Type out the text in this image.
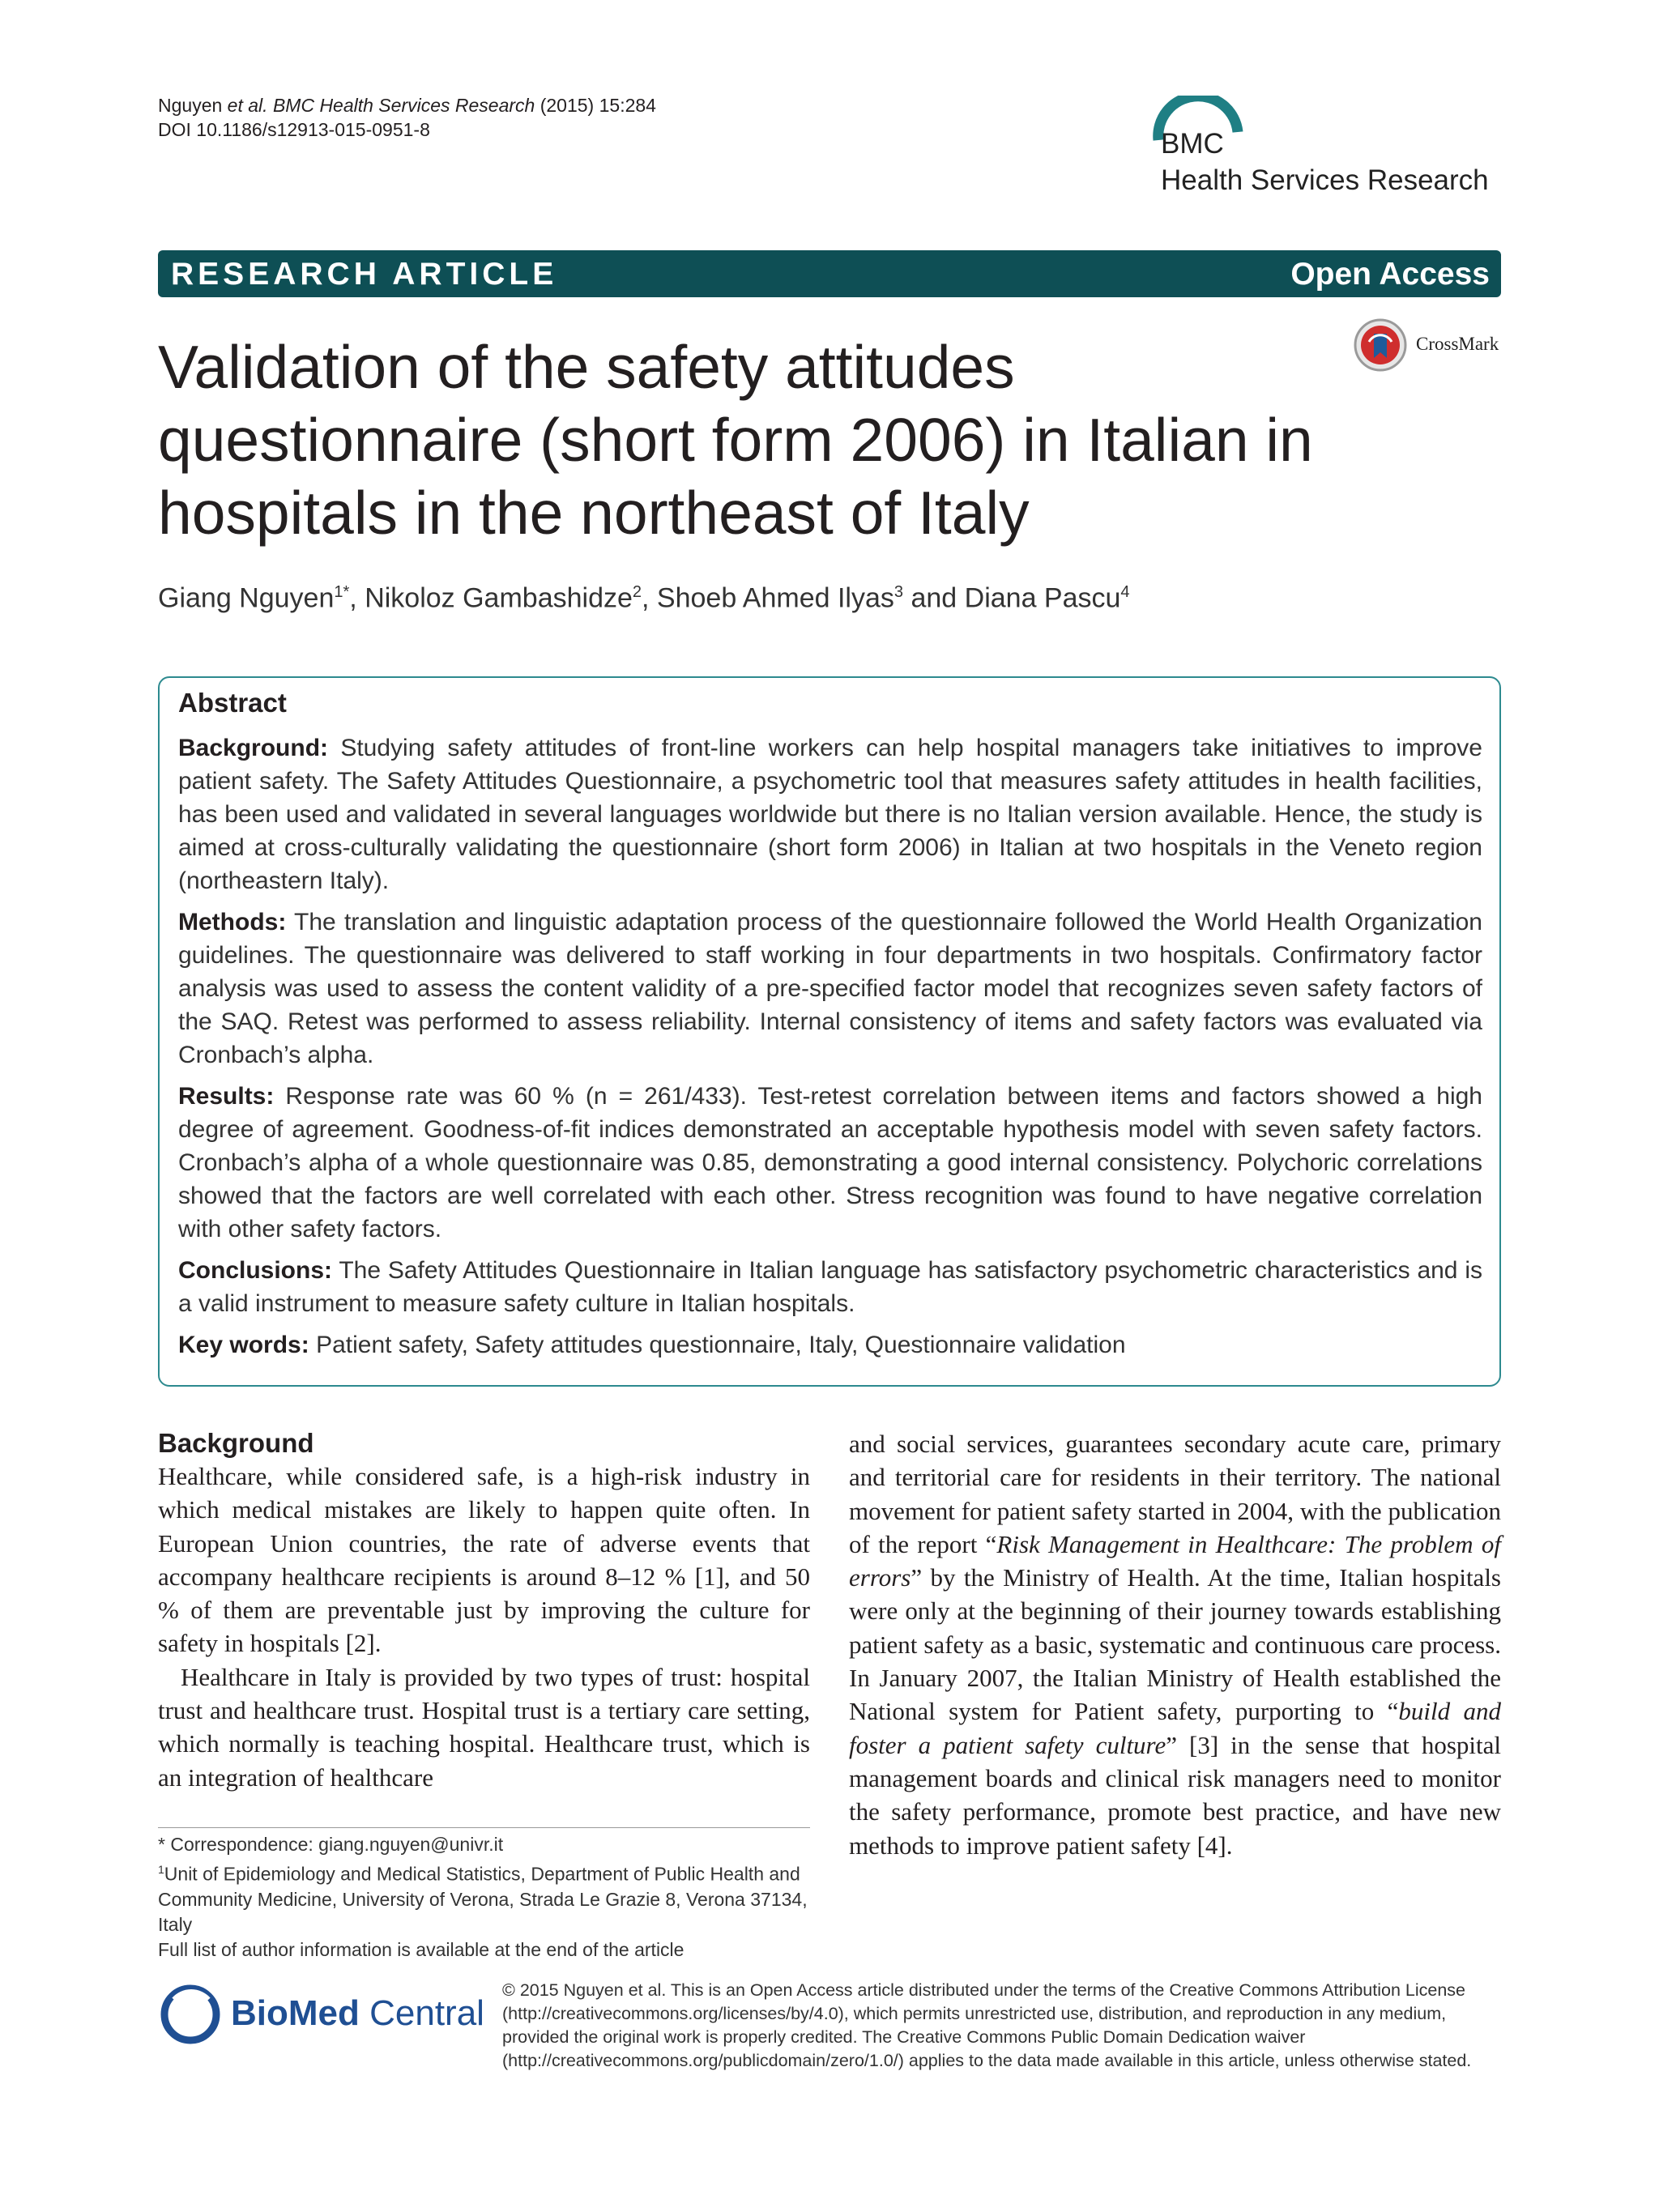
Nguyen et al. BMC Health Services Research (2015) 15:284
DOI 10.1186/s12913-015-0951-8	BMC
Health Services Research
RESEARCH ARTICLE	Open Access
Validation of the safety attitudes questionnaire (short form 2006) in Italian in hospitals in the northeast of Italy
CrossMark
Giang Nguyen$^{1*}$, Nikoloz Gambashidze$^2$, Shoeb Ahmed Ilyas$^3$ and Diana Pascu$^4$
Abstract

Background: Studying safety attitudes of front-line workers can help hospital managers take initiatives to improve patient safety. The Safety Attitudes Questionnaire, a psychometric tool that measures safety attitudes in health facilities, has been used and validated in several languages worldwide but there is no Italian version available. Hence, the study is aimed at cross-culturally validating the questionnaire (short form 2006) in Italian at two hospitals in the Veneto region (northeastern Italy).

Methods: The translation and linguistic adaptation process of the questionnaire followed the World Health Organization guidelines. The questionnaire was delivered to staff working in four departments in two hospitals. Confirmatory factor analysis was used to assess the content validity of a pre-specified factor model that recognizes seven safety factors of the SAQ. Retest was performed to assess reliability. Internal consistency of items and safety factors was evaluated via Cronbach’s alpha.

Results: Response rate was 60 % (n = 261/433). Test-retest correlation between items and factors showed a high degree of agreement. Goodness-of-fit indices demonstrated an acceptable hypothesis model with seven safety factors. Cronbach’s alpha of a whole questionnaire was 0.85, demonstrating a good internal consistency. Polychoric correlations showed that the factors are well correlated with each other. Stress recognition was found to have negative correlation with other safety factors.

Conclusions: The Safety Attitudes Questionnaire in Italian language has satisfactory psychometric characteristics and is a valid instrument to measure safety culture in Italian hospitals.

Key words: Patient safety, Safety attitudes questionnaire, Italy, Questionnaire validation

Background

Healthcare, while considered safe, is a high-risk industry in which medical mistakes are likely to happen quite often. In European Union countries, the rate of adverse events that accompany healthcare recipients is around 8–12 % [1], and 50 % of them are preventable just by improving the culture for safety in hospitals [2].

Healthcare in Italy is provided by two types of trust: hospital trust and healthcare trust. Hospital trust is a tertiary care setting, which normally is teaching hospital. Healthcare trust, which is an integration of healthcare

and social services, guarantees secondary acute care, primary and territorial care for residents in their territory. The national movement for patient safety started in 2004, with the publication of the report “Risk Management in Healthcare: The problem of errors” by the Ministry of Health. At the time, Italian hospitals were only at the beginning of their journey towards establishing patient safety as a basic, systematic and continuous care process. In January 2007, the Italian Ministry of Health established the National system for Patient safety, purporting to “build and foster a patient safety culture” [3] in the sense that hospital management boards and clinical risk managers need to monitor the safety performance, promote best practice, and have new methods to improve patient safety [4].

* Correspondence: giang.nguyen@univr.it

$^1$Unit of Epidemiology and Medical Statistics, Department of Public Health and Community Medicine, University of Verona, Strada Le Grazie 8, Verona 37134, Italy

Full list of author information is available at the end of the article

BioMed Central
© 2015 Nguyen et al. This is an Open Access article distributed under the terms of the Creative Commons Attribution License (http://creativecommons.org/licenses/by/4.0), which permits unrestricted use, distribution, and reproduction in any medium, provided the original work is properly credited. The Creative Commons Public Domain Dedication waiver (http://creativecommons.org/publicdomain/zero/1.0/) applies to the data made available in this article, unless otherwise stated.
